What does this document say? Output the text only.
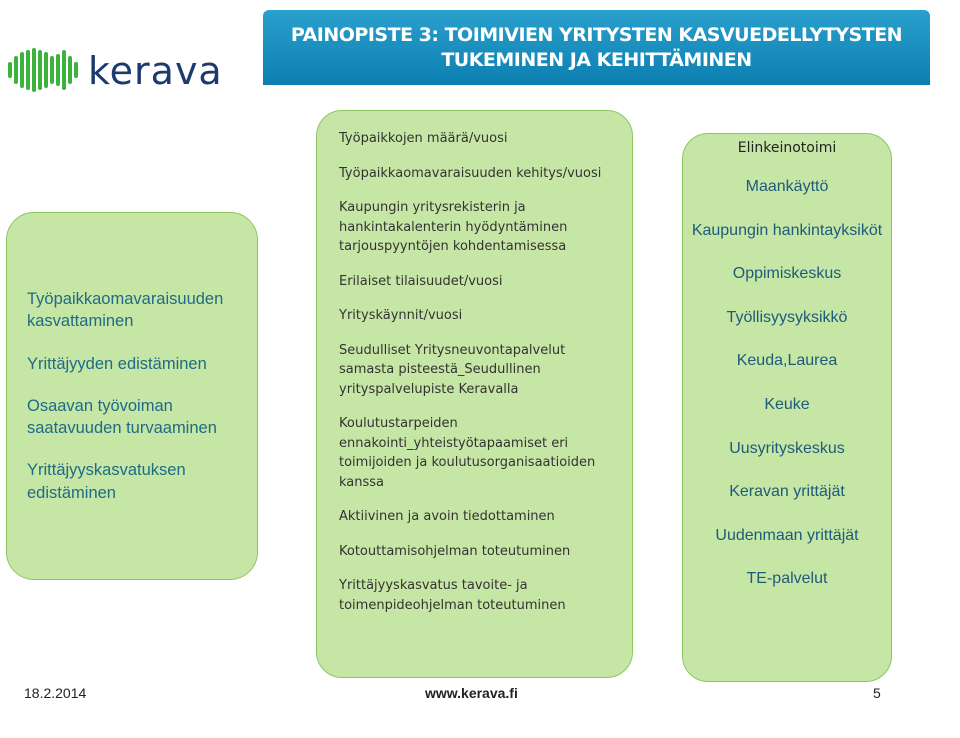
kerava
PAINOPISTE 3: TOIMIVIEN YRITYSTEN KASVUEDELLYTYSTEN
TUKEMINEN JA KEHITTÄMINEN
Työpaikkaomavaraisuuden kasvattaminen
Yrittäjyyden edistäminen
Osaavan työvoiman saatavuuden turvaaminen
Yrittäjyyskasvatuksen edistäminen
Työpaikkojen määrä/vuosi
Työpaikkaomavaraisuuden kehitys/vuosi
Kaupungin yritysrekisterin ja hankintakalenterin hyödyntäminen tarjouspyyntöjen kohdentamisessa
Erilaiset tilaisuudet/vuosi
Yrityskäynnit/vuosi
Seudulliset Yritysneuvontapalvelut samasta pisteestä_Seudullinen yrityspalvelupiste Keravalla
Koulutustarpeiden ennakointi_yhteistyötapaamiset eri toimijoiden ja koulutusorganisaatioiden kanssa
Aktiivinen ja avoin tiedottaminen
Kotouttamisohjelman toteutuminen
Yrittäjyyskasvatus tavoite- ja toimenpideohjelman toteutuminen
Elinkeinotoimi
Maankäyttö
Kaupungin hankintayksiköt
Oppimiskeskus
Työllisyysyksikkö
Keuda,Laurea
Keuke
Uusyrityskeskus
Keravan yrittäjät
Uudenmaan yrittäjät
TE-palvelut
18.2.2014	www.kerava.fi	5
